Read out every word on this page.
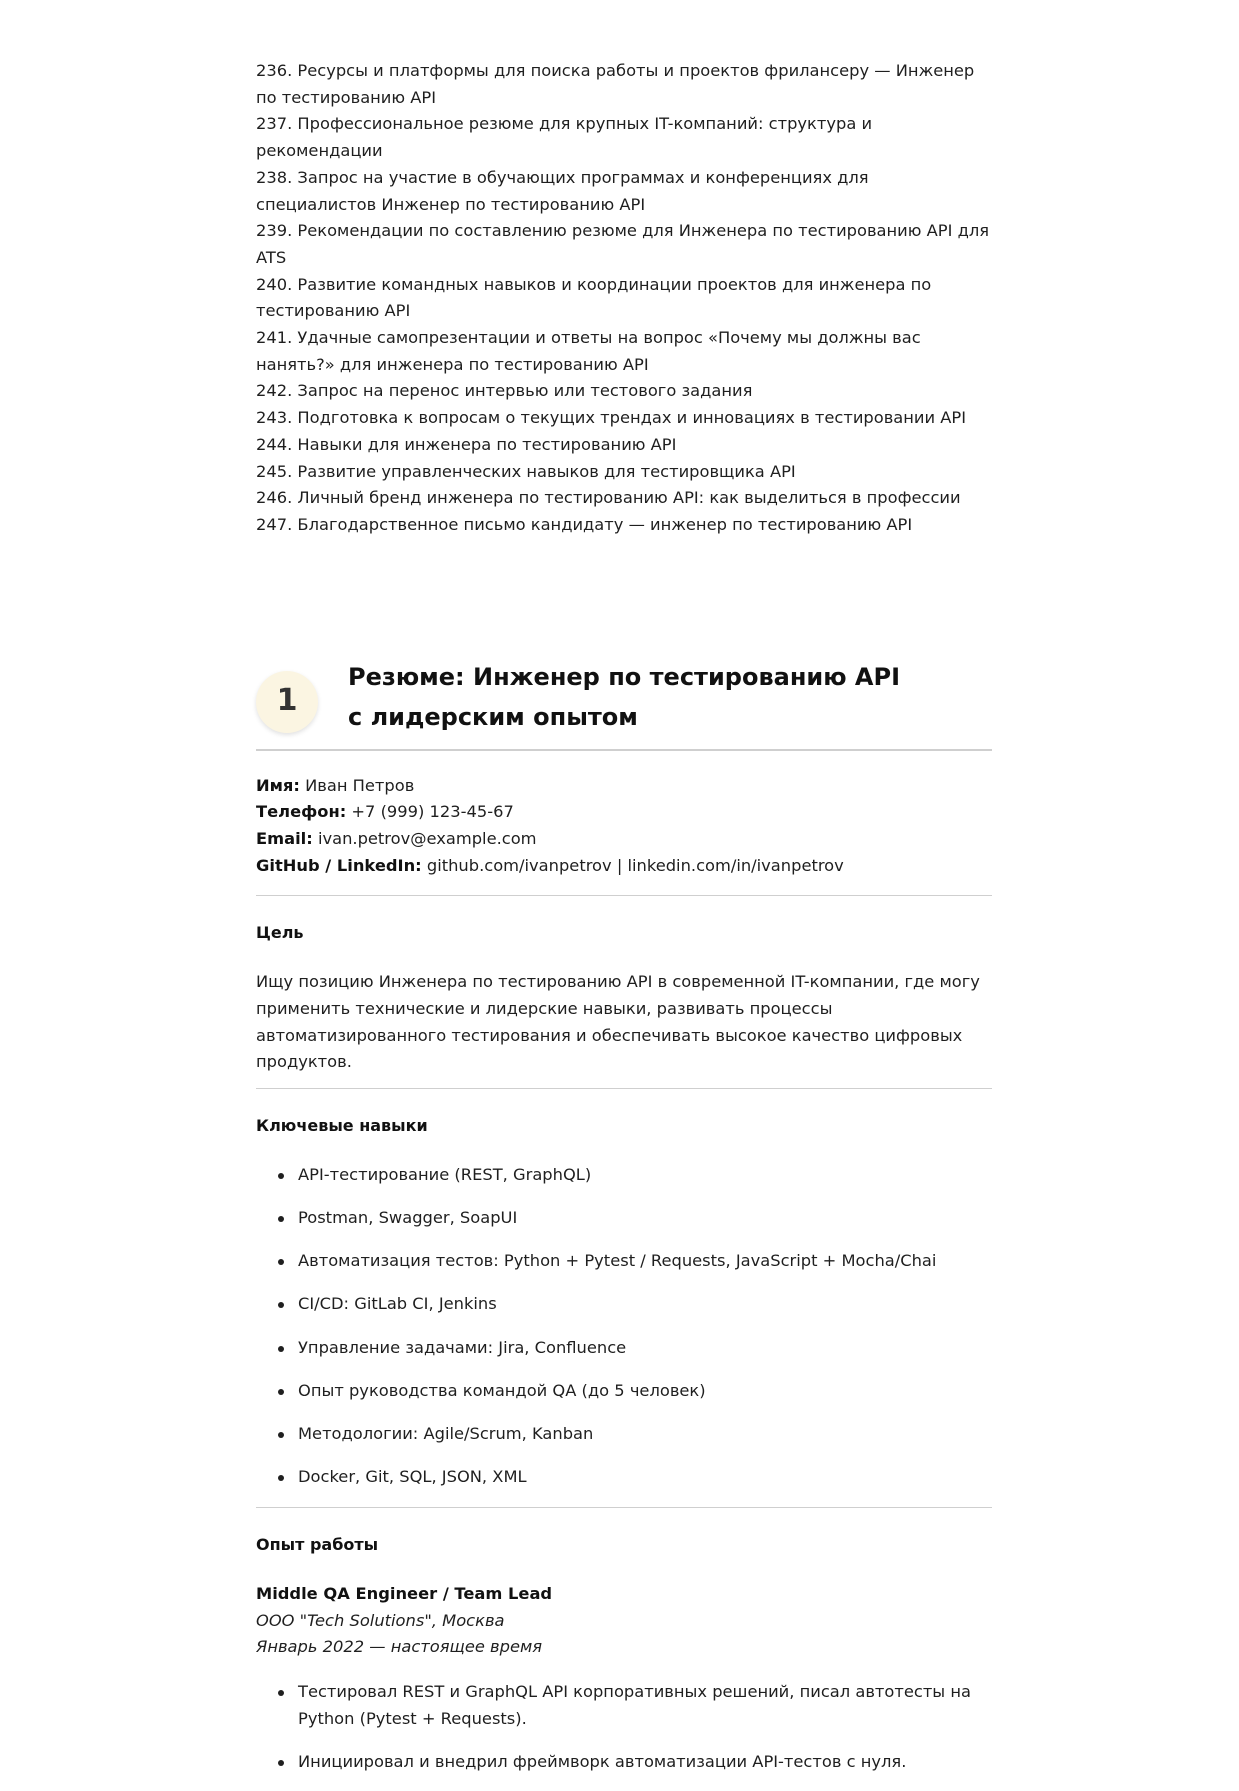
236. Ресурсы и платформы для поиска работы и проектов фрилансеру — Инженер по тестированию API
237. Профессиональное резюме для крупных IT-компаний: структура и рекомендации
238. Запрос на участие в обучающих программах и конференциях для специалистов Инженер по тестированию API
239. Рекомендации по составлению резюме для Инженера по тестированию API для ATS
240. Развитие командных навыков и координации проектов для инженера по тестированию API
241. Удачные самопрезентации и ответы на вопрос «Почему мы должны вас нанять?» для инженера по тестированию API
242. Запрос на перенос интервью или тестового задания
243. Подготовка к вопросам о текущих трендах и инновациях в тестировании API
244. Навыки для инженера по тестированию API
245. Развитие управленческих навыков для тестировщика API
246. Личный бренд инженера по тестированию API: как выделиться в профессии
247. Благодарственное письмо кандидату — инженер по тестированию API
1
Резюме: Инженер по тестированию API с лидерским опытом
Имя: Иван Петров
Телефон: +7 (999) 123-45-67
Email: ivan.petrov@example.com
GitHub / LinkedIn: github.com/ivanpetrov | linkedin.com/in/ivanpetrov
Цель
Ищу позицию Инженера по тестированию API в современной IT-компании, где могу применить технические и лидерские навыки, развивать процессы автоматизированного тестирования и обеспечивать высокое качество цифровых продуктов.
Ключевые навыки
API-тестирование (REST, GraphQL)
Postman, Swagger, SoapUI
Автоматизация тестов: Python + Pytest / Requests, JavaScript + Mocha/Chai
CI/CD: GitLab CI, Jenkins
Управление задачами: Jira, Confluence
Опыт руководства командой QA (до 5 человек)
Методологии: Agile/Scrum, Kanban
Docker, Git, SQL, JSON, XML
Опыт работы
Middle QA Engineer / Team Lead
ООО "Tech Solutions", Москва
Январь 2022 — настоящее время
Тестировал REST и GraphQL API корпоративных решений, писал автотесты на Python (Pytest + Requests).
Инициировал и внедрил фреймворк автоматизации API-тестов с нуля.
